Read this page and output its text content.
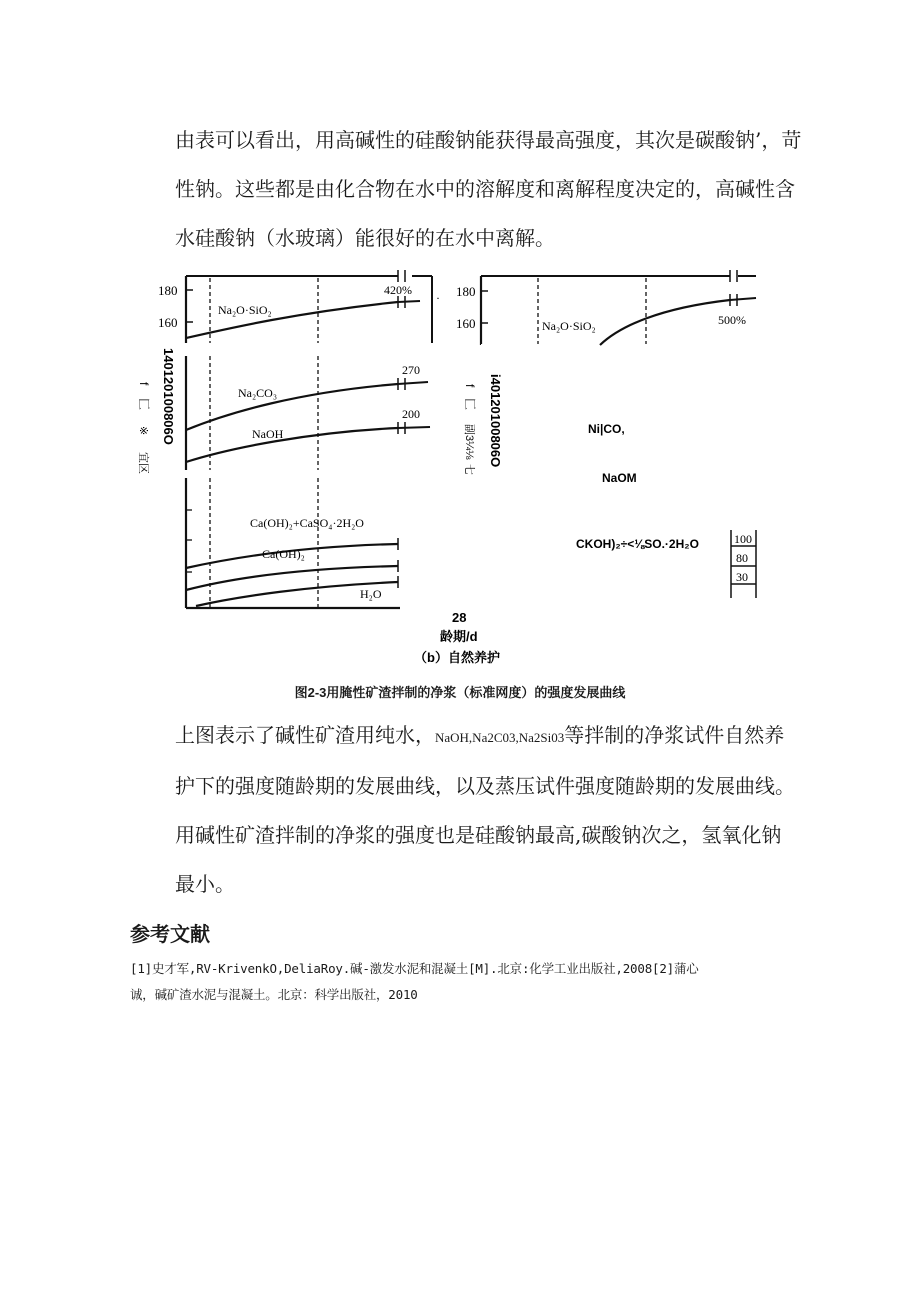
由表可以看出，用高碱性的硅酸钠能获得最高强度，其次是碳酸钠’，苛
性钠。这些都是由化合物在水中的溶解度和离解程度决定的，高碱性含
水硅酸钠（水玻璃）能很好的在水中离解。

180
160
Na₂O·SiO₂
420%
·
Na₂CO₃
270
NaOH
200
Ca(OH)₂+CaSO₄·2H₂O
Ca(OH)₂
H₂O
140120100806O
f
匚
※
宜区
180
160	Na₂O·SiO₂	500%
Ni|CO,
NaOM
CKOH)₂÷<⅛SO.·2H₂O	100
80
30
i40120100806O
f
匚
副3¼⅛
七
28
龄期/d
（b）自然养护
图2-3用腌性矿渣拌制的净浆（标准网度）的强度发展曲线

上图表示了碱性矿渣用纯水，NaOH,Na2C03,Na2Si03等拌制的净浆试件自然养
护下的强度随龄期的发展曲线，以及蒸压试件强度随龄期的发展曲线。
用碱性矿渣拌制的净浆的强度也是硅酸钠最高,碳酸钠次之，氢氧化钠
最小。

参考文献

[1]史才军,RV-KrivenkO,DeliaRoy.碱-激发水泥和混凝土[M].北京:化学工业出版社,2008[2]蒲心
诚，碱矿渣水泥与混凝土。北京：科学出版社，2010
